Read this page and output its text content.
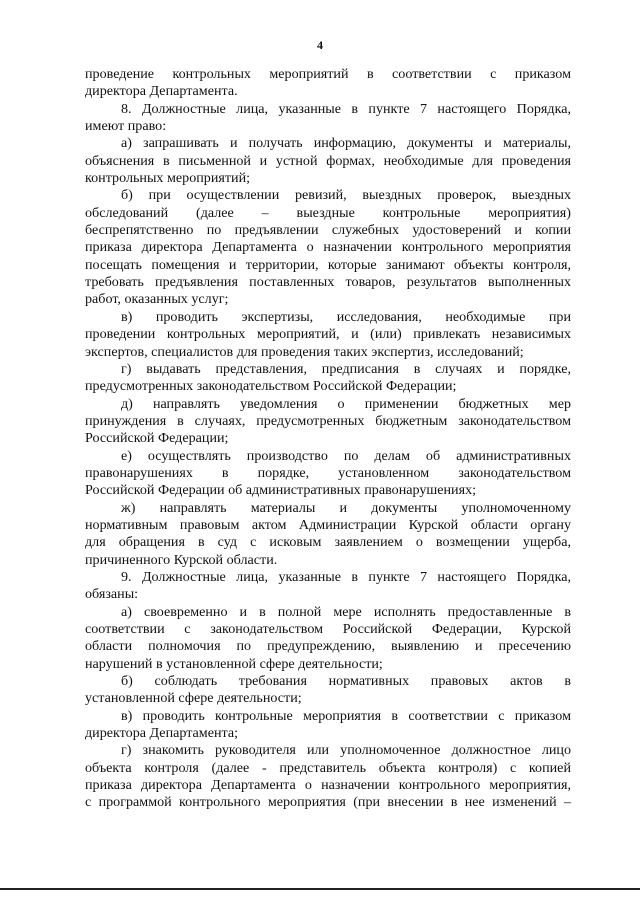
4

проведение контрольных мероприятий в соответствии с приказом

директора Департамента.

8. Должностные лица, указанные в пункте 7 настоящего Порядка,

имеют право:

а) запрашивать и получать информацию, документы и материалы,

объяснения в письменной и устной формах, необходимые для проведения

контрольных мероприятий;

б) при осуществлении ревизий, выездных проверок, выездных

обследований (далее – выездные контрольные мероприятия)

беспрепятственно по предъявлении служебных удостоверений и копии

приказа директора Департамента о назначении контрольного мероприятия

посещать помещения и территории, которые занимают объекты контроля,

требовать предъявления поставленных товаров, результатов выполненных

работ, оказанных услуг;

в) проводить экспертизы, исследования, необходимые при

проведении контрольных мероприятий, и (или) привлекать независимых

экспертов, специалистов для проведения таких экспертиз, исследований;

г) выдавать представления, предписания в случаях и порядке,

предусмотренных законодательством Российской Федерации;

д) направлять уведомления о применении бюджетных мер

принуждения в случаях, предусмотренных бюджетным законодательством

Российской Федерации;

е) осуществлять производство по делам об административных

правонарушениях в порядке, установленном законодательством

Российской Федерации об административных правонарушениях;

ж) направлять материалы и документы уполномоченному

нормативным правовым актом Администрации Курской области органу

для обращения в суд с исковым заявлением о возмещении ущерба,

причиненного Курской области.

9. Должностные лица, указанные в пункте 7 настоящего Порядка,

обязаны:

а) своевременно и в полной мере исполнять предоставленные в

соответствии с законодательством Российской Федерации, Курской

области полномочия по предупреждению, выявлению и пресечению

нарушений в установленной сфере деятельности;

б) соблюдать требования нормативных правовых актов в

установленной сфере деятельности;

в) проводить контрольные мероприятия в соответствии с приказом

директора Департамента;

г) знакомить руководителя или уполномоченное должностное лицо

объекта контроля (далее - представитель объекта контроля) с копией

приказа директора Департамента о назначении контрольного мероприятия,

с программой контрольного мероприятия (при внесении в нее изменений –
